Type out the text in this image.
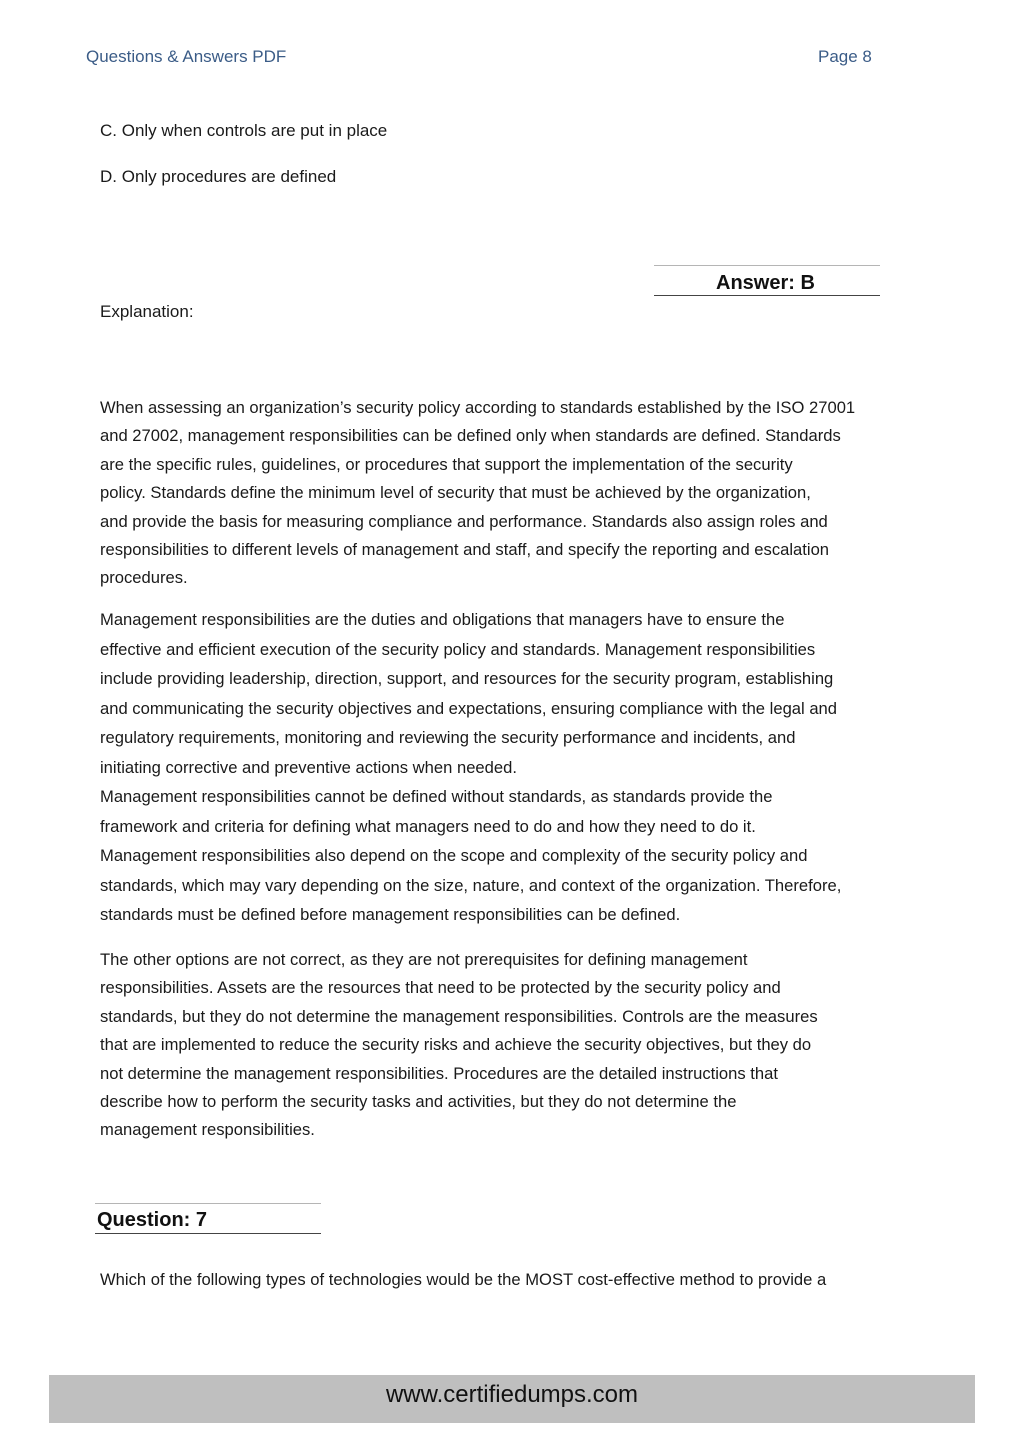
Questions & Answers PDF	Page 8
C. Only when controls are put in place
D. Only procedures are defined
Answer: B
Explanation:
When assessing an organization’s security policy according to standards established by the ISO 27001
and 27002, management responsibilities can be defined only when standards are defined. Standards
are the specific rules, guidelines, or procedures that support the implementation of the security
policy. Standards define the minimum level of security that must be achieved by the organization,
and provide the basis for measuring compliance and performance. Standards also assign roles and
responsibilities to different levels of management and staff, and specify the reporting and escalation
procedures.
Management responsibilities are the duties and obligations that managers have to ensure the
effective and efficient execution of the security policy and standards. Management responsibilities
include providing leadership, direction, support, and resources for the security program, establishing
and communicating the security objectives and expectations, ensuring compliance with the legal and
regulatory requirements, monitoring and reviewing the security performance and incidents, and
initiating corrective and preventive actions when needed.
Management responsibilities cannot be defined without standards, as standards provide the
framework and criteria for defining what managers need to do and how they need to do it.
Management responsibilities also depend on the scope and complexity of the security policy and
standards, which may vary depending on the size, nature, and context of the organization. Therefore,
standards must be defined before management responsibilities can be defined.
The other options are not correct, as they are not prerequisites for defining management
responsibilities. Assets are the resources that need to be protected by the security policy and
standards, but they do not determine the management responsibilities. Controls are the measures
that are implemented to reduce the security risks and achieve the security objectives, but they do
not determine the management responsibilities. Procedures are the detailed instructions that
describe how to perform the security tasks and activities, but they do not determine the
management responsibilities.
Question: 7
Which of the following types of technologies would be the MOST cost-effective method to provide a
www.certifiedumps.com
